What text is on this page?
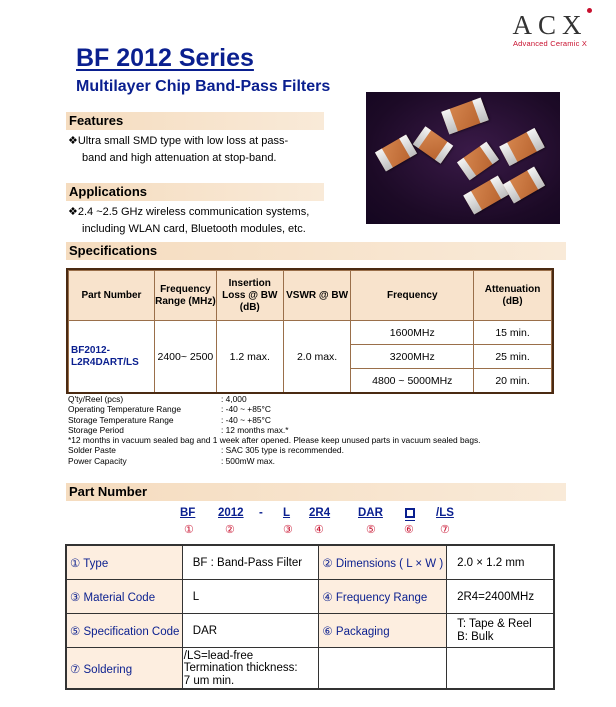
ACX
Advanced Ceramic X
BF 2012 Series
Multilayer Chip Band-Pass Filters
Features
❖Ultra small SMD type with low loss at pass-
band and high attenuation at stop-band.
Applications
❖2.4 ~2.5 GHz wireless communication systems,
including WLAN card, Bluetooth modules, etc.
Specifications
Part Number	Frequency Range (MHz)	Insertion Loss @ BW (dB)	VSWR @ BW	Frequency	Attenuation (dB)
BF2012-L2R4DART/LS	2400~ 2500	1.2 max.	2.0 max.	1600MHz	15 min.
				3200MHz	25 min.
				4800 ~ 5000MHz	20 min.
Q'ty/Reel (pcs)	: 4,000
Operating Temperature Range	: -40 ~ +85°C
Storage Temperature Range	: -40 ~ +85°C
Storage Period	: 12 months max.*
*12 months in vacuum sealed bag and 1 week after opened. Please keep unused parts in vacuum sealed bags.
Solder Paste	: SAC 305 type is recommended.
Power Capacity	: 500mW max.
Part Number
BF 2012 - L 2R4 DAR	/LS
①	②	③ ④	⑤	⑥ ⑦
① Type	BF : Band-Pass Filter	② Dimensions ( L × W )	2.0 × 1.2 mm
③ Material Code	L	④ Frequency Range	2R4=2400MHz
⑤ Specification Code	DAR	⑥ Packaging	T: Tape & Reel
B: Bulk

⑦ Soldering	/LS=lead-free
Termination thickness:
7 um min.		
